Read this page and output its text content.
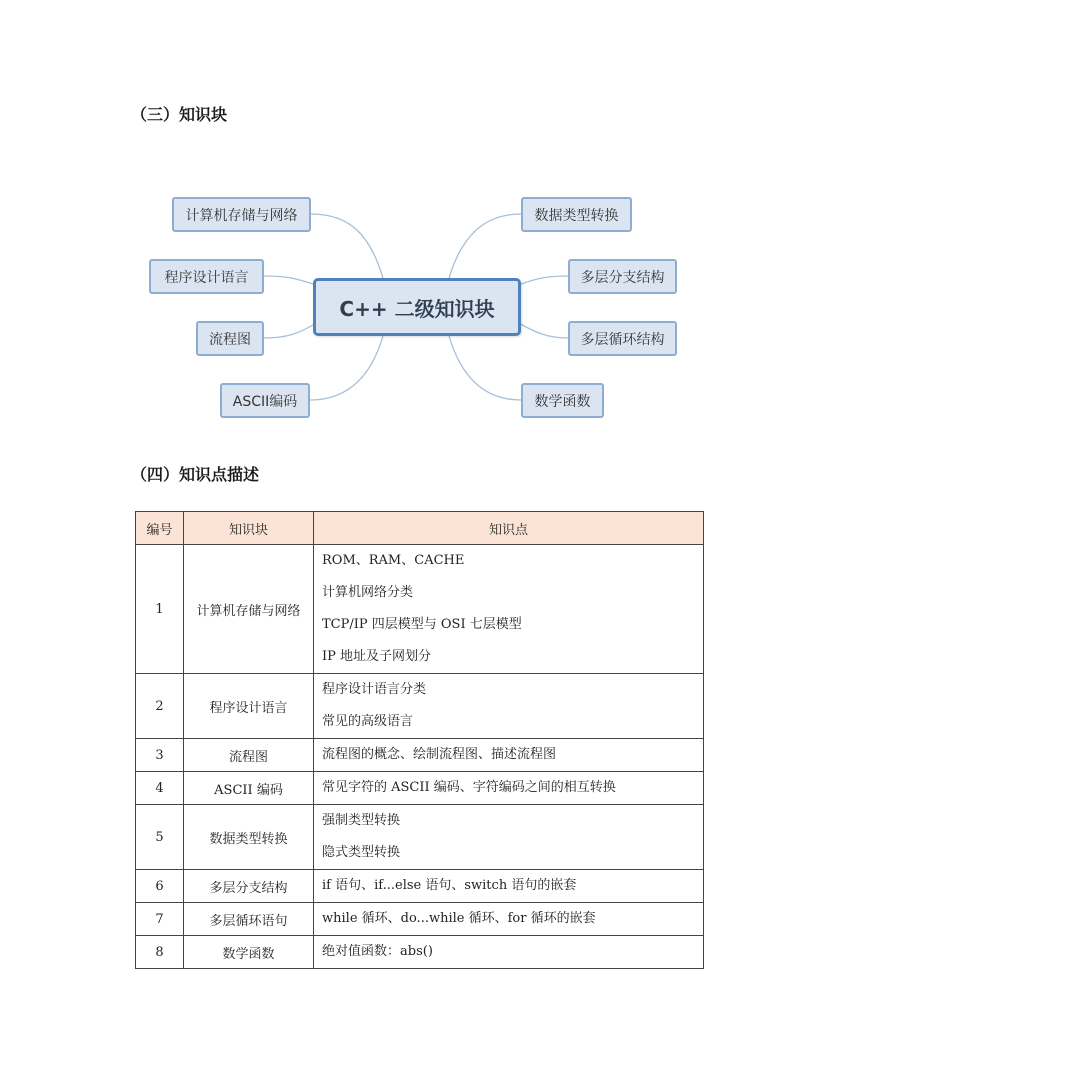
（三）知识块
计算机存储与网络
程序设计语言
流程图
ASCII编码
C++ 二级知识块
数据类型转换
多层分支结构
多层循环结构
数学函数
（四）知识点描述
编号	知识块	知识点
1	计算机存储与网络	ROM、RAM、CACHE
计算机网络分类
TCP/IP 四层模型与 OSI 七层模型
IP 地址及子网划分

2	程序设计语言	程序设计语言分类
常见的高级语言

3	流程图	流程图的概念、绘制流程图、描述流程图

4	ASCII 编码	常见字符的 ASCII 编码、字符编码之间的相互转换

5	数据类型转换	强制类型转换
隐式类型转换

6	多层分支结构	if 语句、if...else 语句、switch 语句的嵌套

7	多层循环语句	while 循环、do...while 循环、for 循环的嵌套

8	数学函数	绝对值函数：abs()
